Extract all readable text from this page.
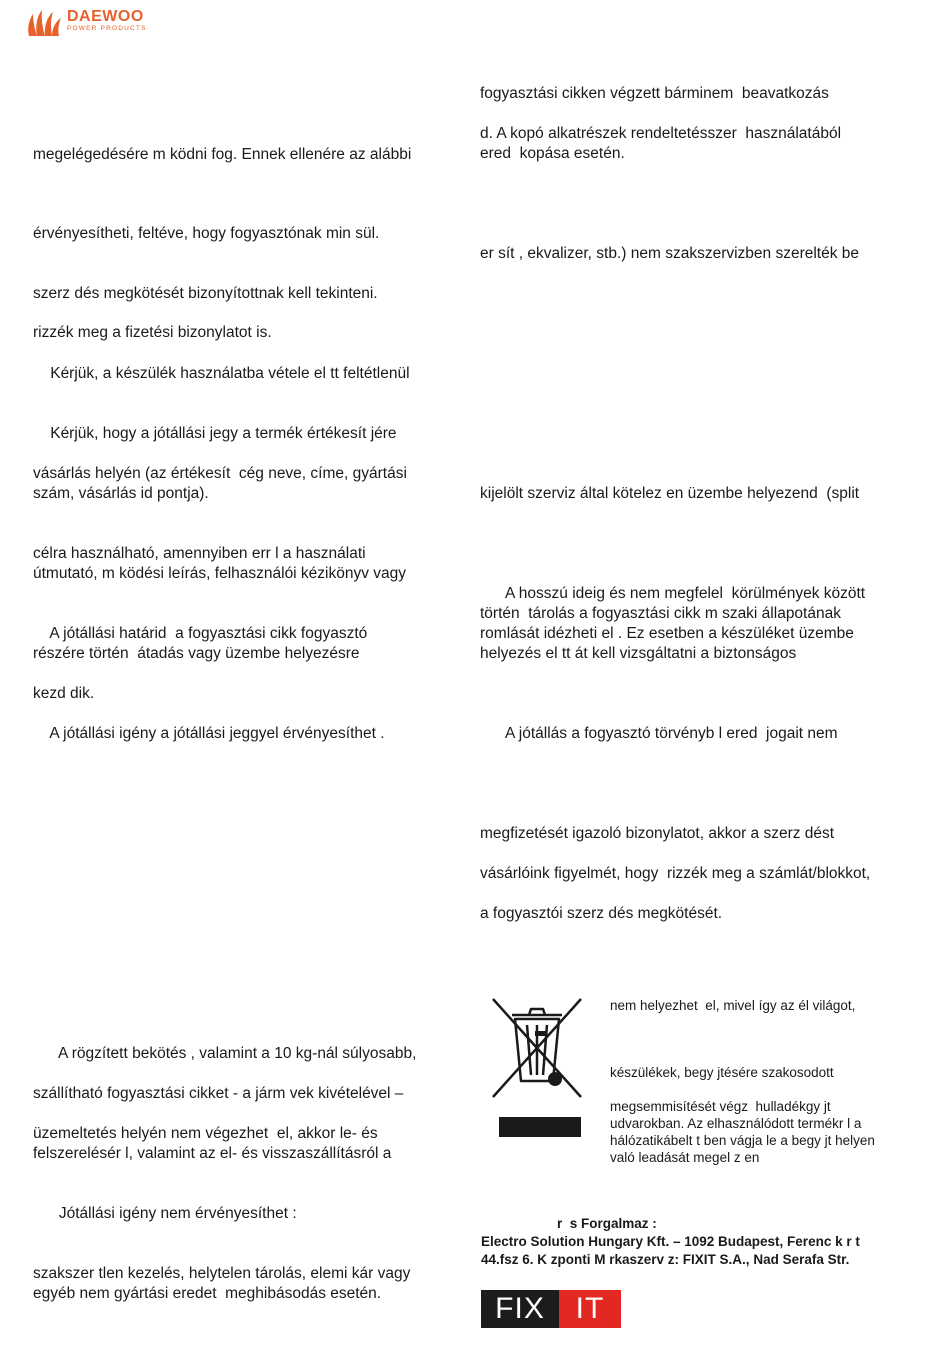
DAEWOO
POWER PRODUCTS
megelégedésére m ködni fog. Ennek ellenére az alábbi
érvényesítheti, feltéve, hogy fogyasztónak min sül.
szerz dés megkötését bizonyítottnak kell tekinteni.
rizzék meg a fizetési bizonylatot is.
Kérjük, a készülék használatba vétele el tt feltétlenül
Kérjük, hogy a jótállási jegy a termék értékesít jére
vásárlás helyén (az értékesít  cég neve, címe, gyártási
szám, vásárlás id pontja).
célra használható, amennyiben err l a használati
útmutató, m ködési leírás, felhasználói kézikönyv vagy
A jótállási határid  a fogyasztási cikk fogyasztó
részére történ  átadás vagy üzembe helyezésre
kezd dik.
A jótállási igény a jótállási jeggyel érvényesíthet .
A rögzített bekötés , valamint a 10 kg-nál súlyosabb,
szállítható fogyasztási cikket - a járm vek kivételével –
üzemeltetés helyén nem végezhet  el, akkor le- és
felszerelésér l, valamint az el- és visszaszállításról a
Jótállási igény nem érvényesíthet :
szakszer tlen kezelés, helytelen tárolás, elemi kár vagy
egyéb nem gyártási eredet  meghibásodás esetén.
fogyasztási cikken végzett bárminem  beavatkozás
d. A kopó alkatrészek rendeltetésszer  használatából
ered  kopása esetén.
er sít , ekvalizer, stb.) nem szakszervizben szerelték be
kijelölt szerviz által kötelez en üzembe helyezend  (split
A hosszú ideig és nem megfelel  körülmények között
történ  tárolás a fogyasztási cikk m szaki állapotának
romlását idézheti el . Ez esetben a készüléket üzembe
helyezés el tt át kell vizsgáltatni a biztonságos
A jótállás a fogyasztó törvényb l ered  jogait nem
megfizetését igazoló bizonylatot, akkor a szerz dést
vásárlóink figyelmét, hogy  rizzék meg a számlát/blokkot,
a fogyasztói szerz dés megkötését.
nem helyezhet  el, mivel így az él világot,
készülékek, begy jtésére szakosodott
megsemmisítését végz  hulladékgy jt
udvarokban. Az elhasználódott termékr l a
hálózatikábelt t ben vágja le a begy jt helyen
való leadását megel z en
r  s Forgalmaz :
Electro Solution Hungary Kft. – 1092 Budapest, Ferenc k r t
44.fsz 6. K zponti M rkaszerv z: FIXIT S.A., Nad Serafa Str.
FIX	IT
